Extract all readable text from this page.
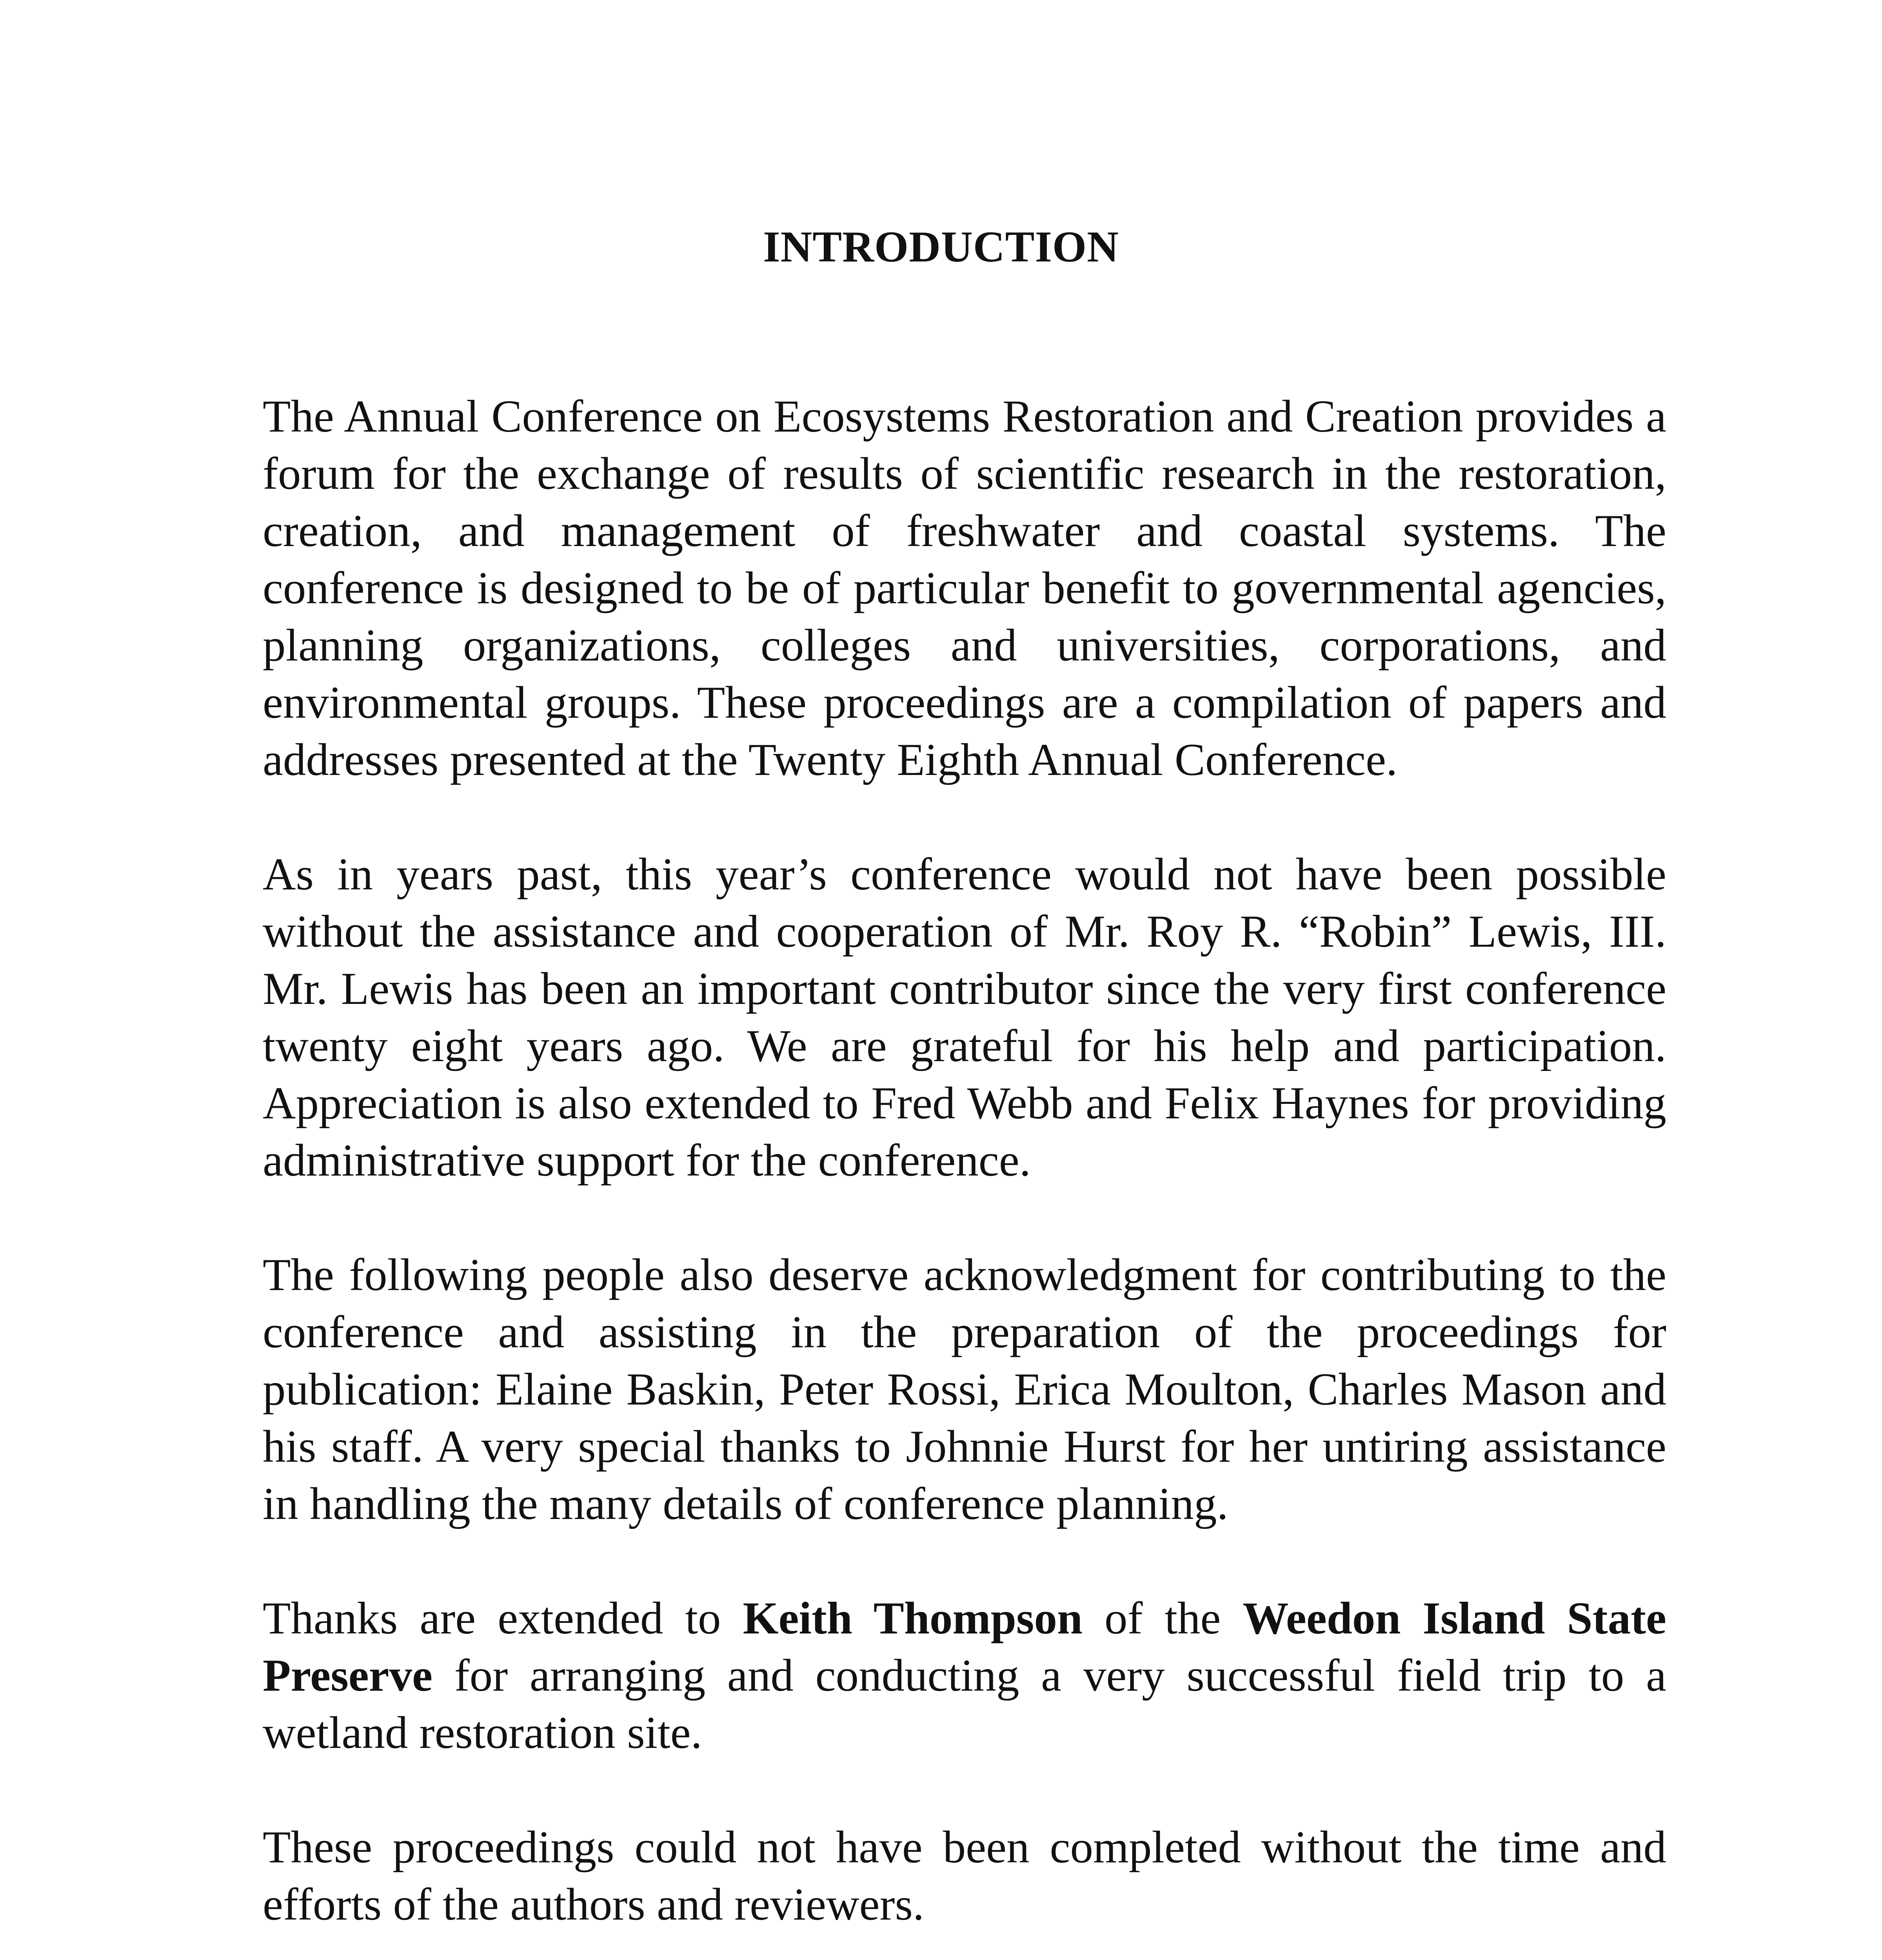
INTRODUCTION

The Annual Conference on Ecosystems Restoration and Creation provides a forum for the exchange of results of scientific research in the restoration, creation, and management of freshwater and coastal systems. The conference is designed to be of particular benefit to governmental agencies, planning organizations, colleges and universities, corporations, and environmental groups. These proceedings are a compilation of papers and addresses presented at the Twenty Eighth Annual Conference.

As in years past, this year’s conference would not have been possible without the assistance and cooperation of Mr. Roy R. “Robin” Lewis, III. Mr. Lewis has been an important contributor since the very first conference twenty eight years ago. We are grateful for his help and participation. Appreciation is also extended to Fred Webb and Felix Haynes for providing administrative support for the conference.

The following people also deserve acknowledgment for contributing to the conference and assisting in the preparation of the proceedings for publication: Elaine Baskin, Peter Rossi, Erica Moulton, Charles Mason and his staff. A very special thanks to Johnnie Hurst for her untiring assistance in handling the many details of conference planning.

Thanks are extended to Keith Thompson of the Weedon Island State Preserve for arranging and conducting a very successful field trip to a wetland restoration site.

These proceedings could not have been completed without the time and efforts of the authors and reviewers.
